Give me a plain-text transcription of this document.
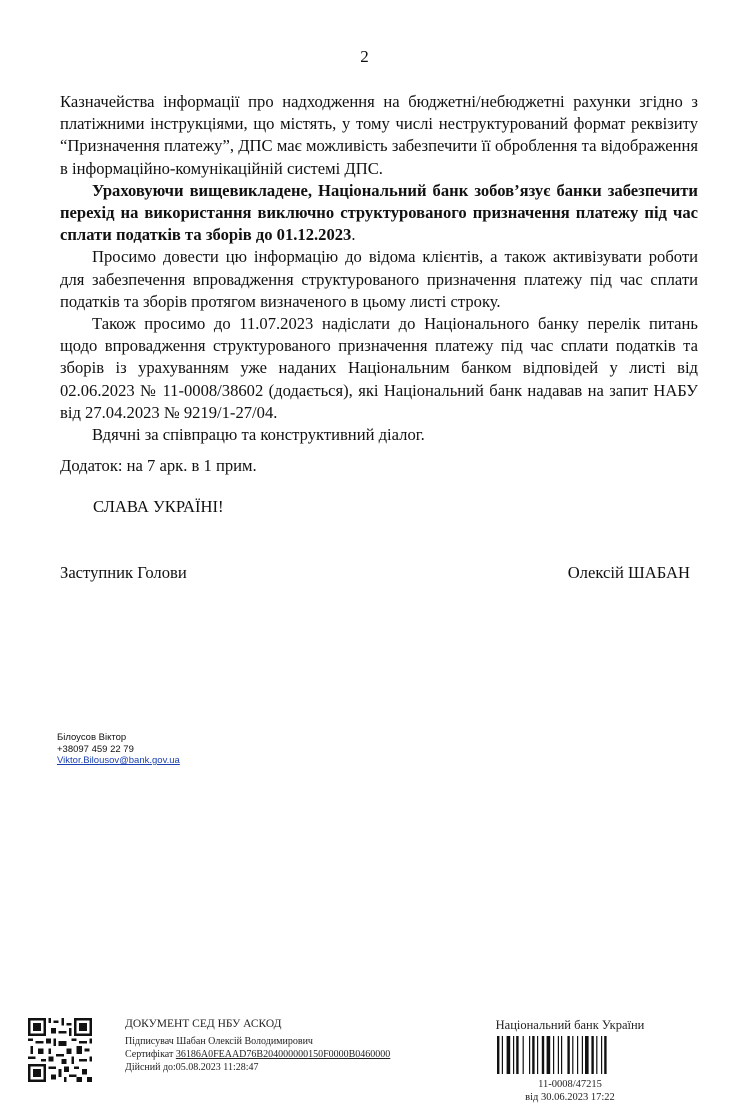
2

Казначейства інформації про надходження на бюджетні/небюджетні рахунки згідно з платіжними інструкціями, що містять, у тому числі неструктурований формат реквізиту “Призначення платежу”, ДПС має можливість забезпечити її оброблення та відображення в інформаційно-комунікаційній системі ДПС.

Ураховуючи вищевикладене, Національний банк зобов’язує банки забезпечити перехід на використання виключно структурованого призначення платежу під час сплати податків та зборів до 01.12.2023.

Просимо довести цю інформацію до відома клієнтів, а також активізувати роботи для забезпечення впровадження структурованого призначення платежу під час сплати податків та зборів протягом визначеного в цьому листі строку.

Також просимо до 11.07.2023 надіслати до Національного банку перелік питань щодо впровадження структурованого призначення платежу під час сплати податків та зборів із урахуванням уже наданих Національним банком відповідей у листі від 02.06.2023 № 11-0008/38602 (додається), які Національний банк надавав на запит НАБУ від 27.04.2023 № 9219/1-27/04.

Вдячні за співпрацю та конструктивний діалог.

Додаток: на 7 арк. в 1 прим.
СЛАВА УКРАЇНІ!
Заступник Голови	Олексій ШАБАН
Білоусов Віктор
+38097 459 22 79
Viktor.Bilousov@bank.gov.ua
ДОКУМЕНТ СЕД НБУ АСКОД
Підписувач Шабан Олексій Володимирович
Сертифікат 36186A0FEAAD76B204000000150F0000B0460000
Дійсний до:05.08.2023 11:28:47
Національний банк України
11-0008/47215
від 30.06.2023 17:22
